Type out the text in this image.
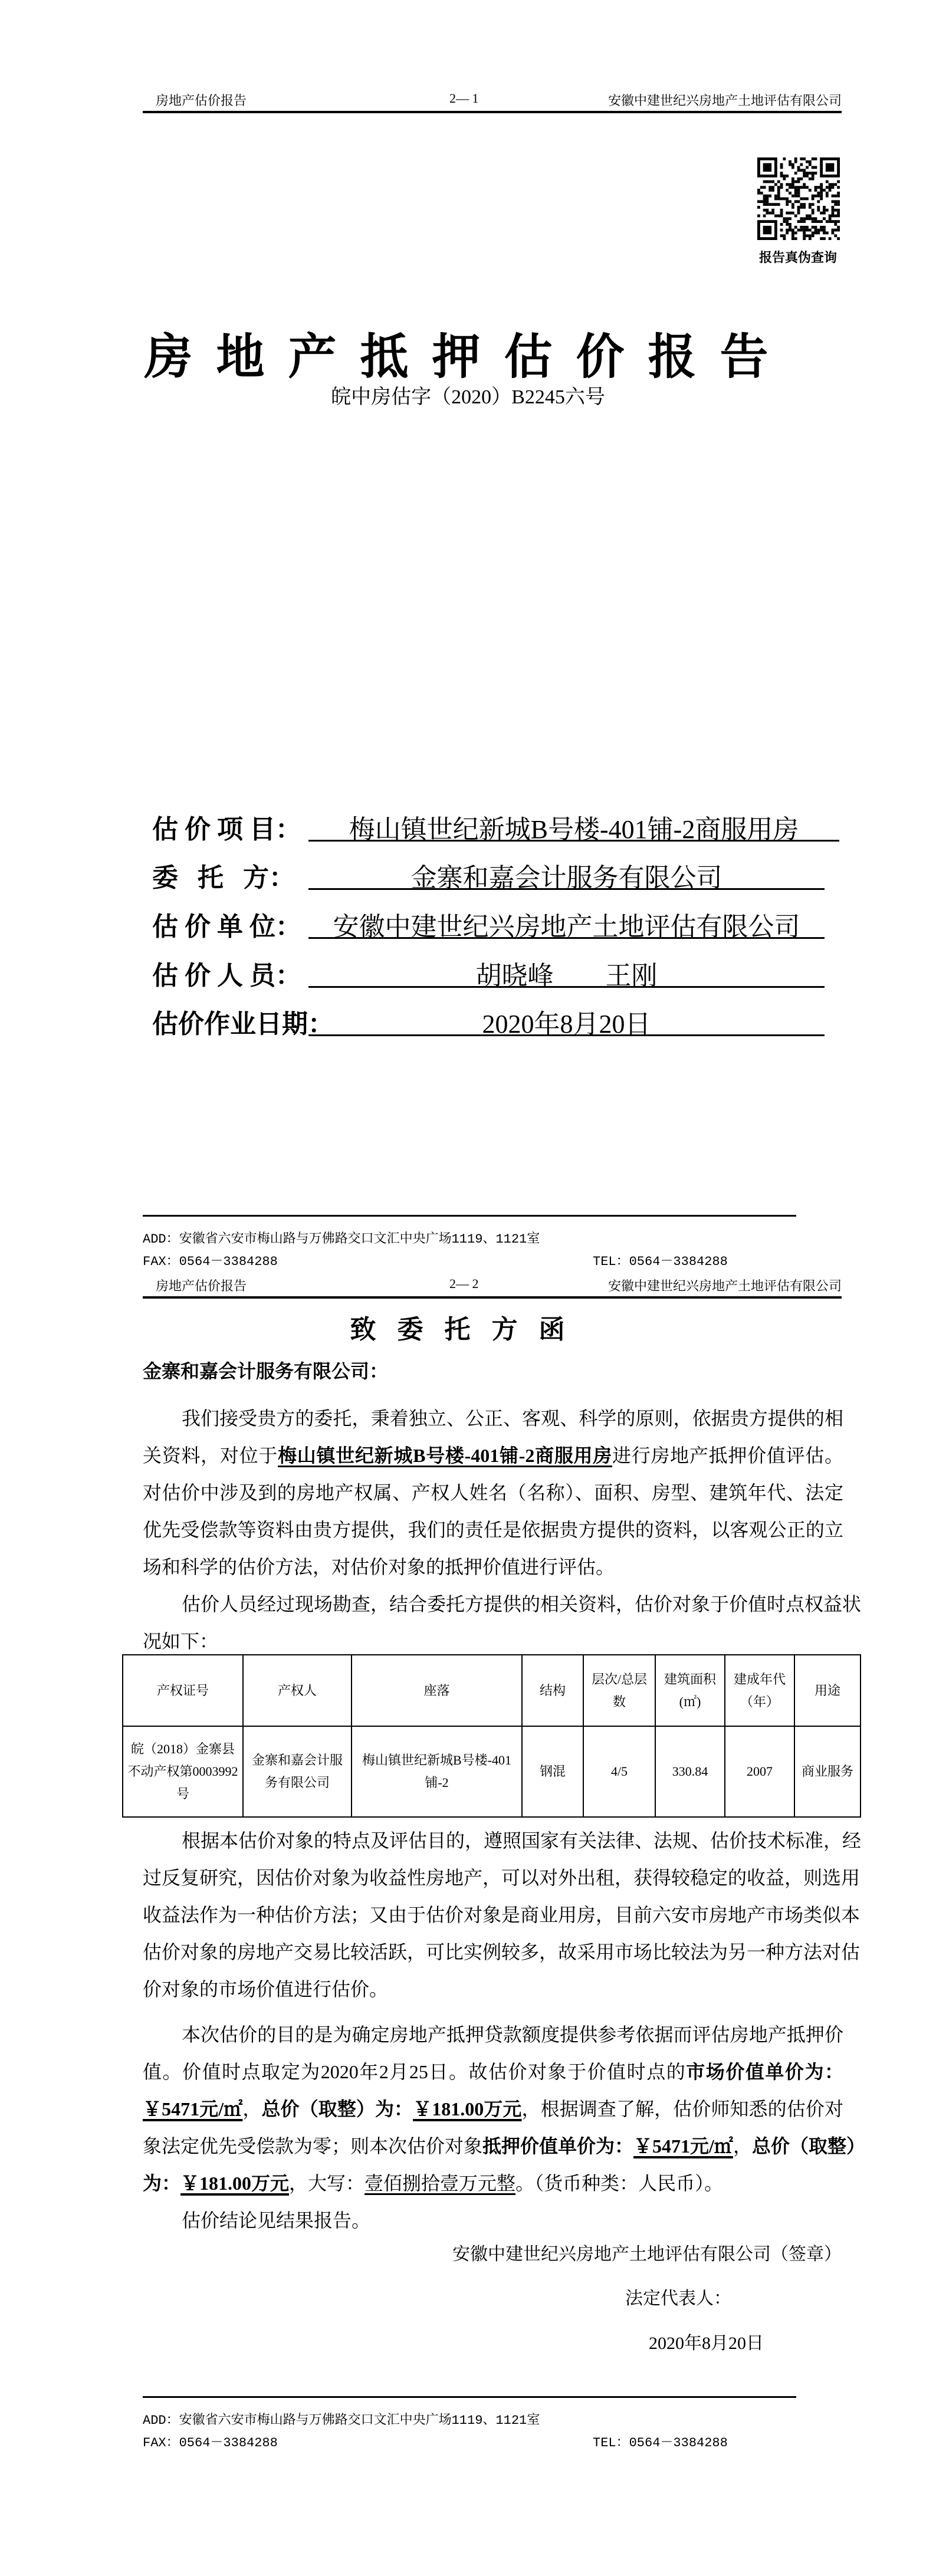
房地产估价报告	2— 1	安徽中建世纪兴房地产土地评估有限公司
报告真伪查询
房地产抵押估价报告
皖中房估字（2020）B2245六号
估 价 项 目：	梅山镇世纪新城B号楼-401铺-2商服用房
委   托   方：	金寨和嘉会计服务有限公司
估 价 单 位：	安徽中建世纪兴房地产土地评估有限公司
估 价 人 员：	胡晓峰        王刚
估价作业日期：	2020年8月20日
ADD：安徽省六安市梅山路与万佛路交口文汇中央广场1119、1121室
FAX：0564－3384288	TEL：0564－3384288
房地产估价报告	2— 2	安徽中建世纪兴房地产土地评估有限公司
致委托方函
金寨和嘉会计服务有限公司：
我们接受贵方的委托，秉着独立、公正、客观、科学的原则，依据贵方提供的相
关资料，对位于梅山镇世纪新城B号楼-401铺-2商服用房进行房地产抵押价值评估。
对估价中涉及到的房地产权属、产权人姓名（名称）、面积、房型、建筑年代、法定
优先受偿款等资料由贵方提供，我们的责任是依据贵方提供的资料，以客观公正的立
场和科学的估价方法，对估价对象的抵押价值进行评估。
估价人员经过现场勘查，结合委托方提供的相关资料，估价对象于价值时点权益状
况如下：
产权证号	产权人	座落	结构	层次/总层数	建筑面积(㎡)	建成年代（年）	用途
皖（2018）金寨县不动产权第0003992号	金寨和嘉会计服务有限公司	梅山镇世纪新城B号楼-401铺-2	钢混	4/5	330.84	2007	商业服务
根据本估价对象的特点及评估目的，遵照国家有关法律、法规、估价技术标准，经
过反复研究，因估价对象为收益性房地产，可以对外出租，获得较稳定的收益，则选用
收益法作为一种估价方法；又由于估价对象是商业用房，目前六安市房地产市场类似本
估价对象的房地产交易比较活跃，可比实例较多，故采用市场比较法为另一种方法对估
价对象的市场价值进行估价。
本次估价的目的是为确定房地产抵押贷款额度提供参考依据而评估房地产抵押价
值。价值时点取定为2020年2月25日。故估价对象于价值时点的市场价值单价为：
￥5471元/㎡，总价（取整）为：￥181.00万元，根据调查了解，估价师知悉的估价对
象法定优先受偿款为零；则本次估价对象抵押价值单价为：￥5471元/㎡，总价（取整）
为：￥181.00万元，大写：壹佰捌拾壹万元整。（货币种类：人民币）。
估价结论见结果报告。
安徽中建世纪兴房地产土地评估有限公司（签章）
法定代表人：
2020年8月20日
ADD：安徽省六安市梅山路与万佛路交口文汇中央广场1119、1121室
FAX：0564－3384288	TEL：0564－3384288
